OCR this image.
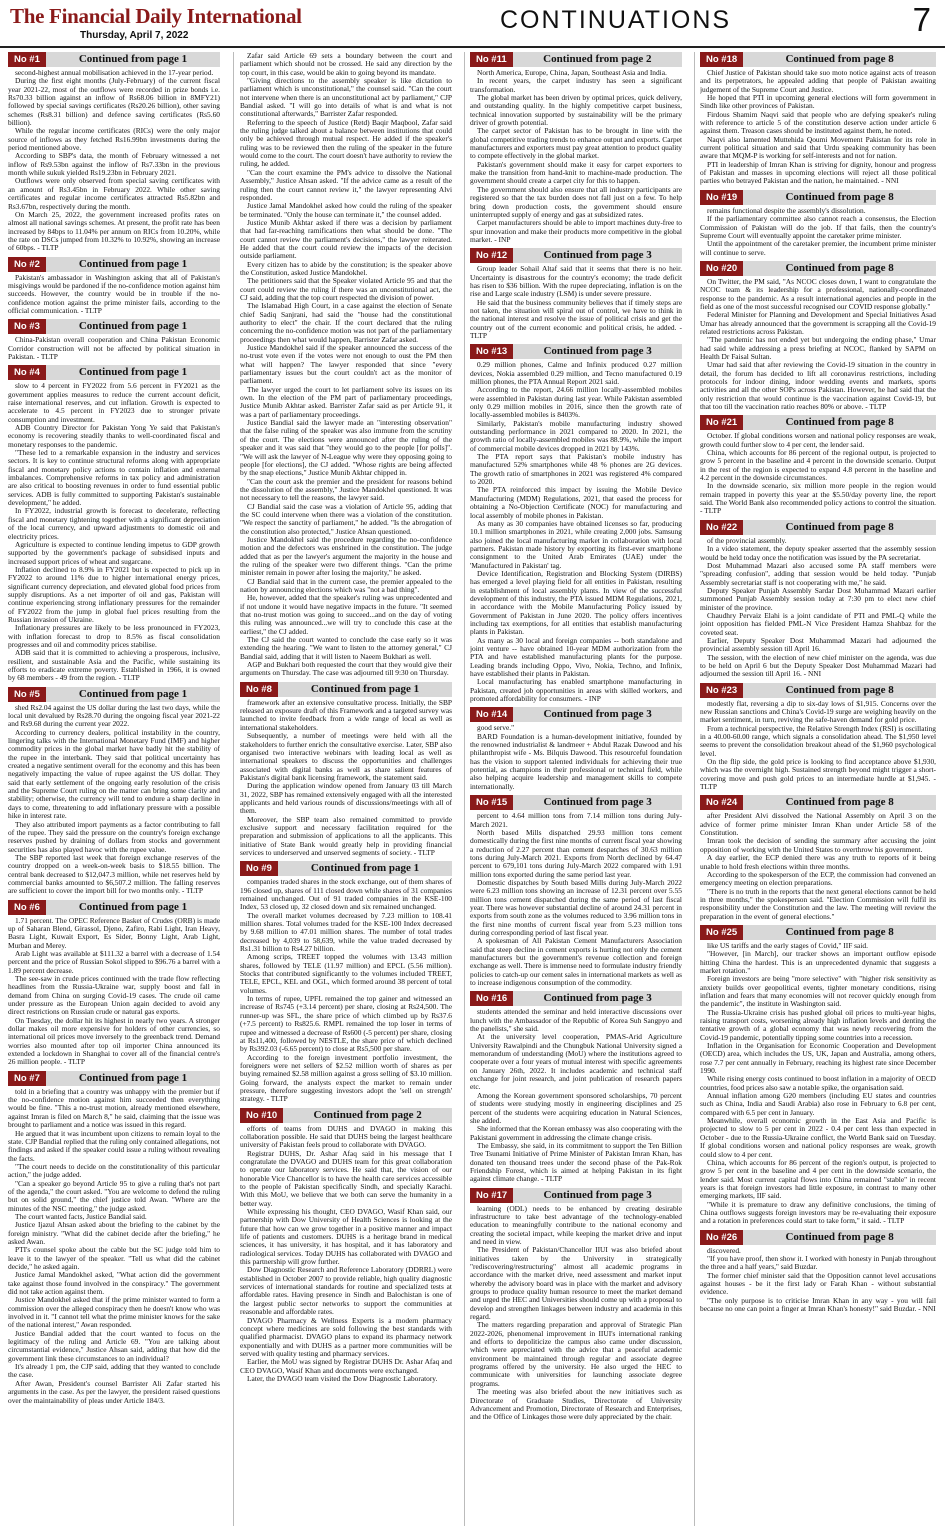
The Financial Daily International
Thursday, April 7, 2022
CONTINUATIONS	7
No #1	Continued from page 1

second-highest annual mobilisation achieved in the 17-year period.

During the first eight months (July-February) of the current fiscal year 2021-22, most of the outflows were recorded in prize bonds i.e. Rs70.33 billion against an inflow of Rs68.06 billion in 8MFY21) followed by special savings certificates (Rs20.26 billion), other saving schemes (Rs8.31 billion) and defence saving certificates (Rs5.60 billion).

While the regular income certificates (RICs) were the only major source of inflows as they fetched Rs16.99bn investments during the period mentioned above.

According to SBP's data, the month of February witnessed a net inflow of Rs9.53bn against the inflow of Rs7.33bn in the previous month while sukuk yielded Rs19.23bn in February 2021.

Outflows were only observed from special saving certificates with an amount of Rs3.45bn in February 2022. While other saving certificates and regular income certificates attracted Rs5.82bn and Rs3.67bn, respectively during the month.

On March 25, 2022, the government increased profits rates on almost all national savings schemes. At present, the profit rate has been increased by 84bps to 11.04% per annum on RICs from 10.20%, while the rate on DSCs jumped from 10.32% to 10.92%, showing an increase of 60bps. - TLTP

No #2	Continued from page 1

Pakistan's ambassador in Washington asking that all of Pakistan's misgivings would be pardoned if the no-confidence motion against him succeeds. However, the country would be in trouble if the no-confidence motion against the prime minister fails, according to the official communication. - TLTP

No #3	Continued from page 1

China-Pakistan overall cooperation and China Pakistan Economic Corridor construction will not be affected by political situation in Pakistan. - TLTP

No #4	Continued from page 1

slow to 4 percent in FY2022 from 5.6 percent in FY2021 as the government applies measures to reduce the current account deficit, raise international reserves, and cut inflation. Growth is expected to accelerate to 4.5 percent in FY2023 due to stronger private consumption and investment.

ADB Country Director for Pakistan Yong Ye said that Pakistan's economy is recovering steadily thanks to well-coordinated fiscal and monetary responses to the pandemic.

"These led to a remarkable expansion in the industry and services sectors. It is key to continue structural reforms along with appropriate fiscal and monetary policy actions to contain inflation and external imbalances. Comprehensive reforms in tax policy and administration are also critical to boosting revenues in order to fund essential public services. ADB is fully committed to supporting Pakistan's sustainable development," he added.

In FY2022, industrial growth is forecast to decelerate, reflecting fiscal and monetary tightening together with a significant depreciation of the local currency, and upward adjustments to domestic oil and electricity prices.

Agriculture is expected to continue lending impetus to GDP growth supported by the government's package of subsidised inputs and increased support prices of wheat and sugarcane.

Inflation declined to 8.9% in FY2021 but is expected to pick up in FY2022 to around 11% due to higher international energy prices, significant currency depreciation, and elevated global food prices from supply disruptions. As a net importer of oil and gas, Pakistan will continue experiencing strong inflationary pressures for the remainder of FY2022 from the jump in global fuel prices resulting from the Russian invasion of Ukraine.

Inflationary pressures are likely to be less pronounced in FY2023, with inflation forecast to drop to 8.5% as fiscal consolidation progresses and oil and commodity prices stabilise.

ADB said that it is committed to achieving a prosperous, inclusive, resilient, and sustainable Asia and the Pacific, while sustaining its efforts to eradicate extreme poverty. Established in 1966, it is owned by 68 members - 49 from the region. - TLTP

No #5	Continued from page 1

shed Rs2.04 against the US dollar during the last two days, while the local unit devalued by Rs28.70 during the ongoing fiscal year 2021-22 and Rs9.68 during the current year 2022.

According to currency dealers, political instability in the country, lingering talks with the International Monetary Fund (IMF) and higher commodity prices in the global market have badly hit the stability of the rupee in the interbank. They said that political uncertainty has created a negative sentiment overall for the economy and this has been negatively impacting the value of rupee against the US dollar. They said that early settlement of the ongoing early resolution of the crisis and the Supreme Court ruling on the matter can bring some clarity and stability; otherwise, the currency will tend to endure a sharp decline in days to come, threatening to add inflationary pressure with a possible hike in interest rate.

They also attributed import payments as a factor contributing to fall of the rupee. They said the pressure on the country's foreign exchange reserves pushed by draining of dollars from stocks and government securities has also played havoc with the rupee value.

The SBP reported last week that foreign exchange reserves of the country dropped on a week-on-week basis to $18.55 billion. The central bank decreased to $12,047.3 million, while net reserves held by commercial banks amounted to $6,507.2 million. The falling reserves are sufficient to cover the import bill for two months only. - TLTP

No #6	Continued from page 1

1.71 percent. The OPEC Reference Basket of Crudes (ORB) is made up of Saharan Blend, Girassol, Djeno, Zafiro, Rabi Light, Iran Heavy, Basra Light, Kuwait Export, Es Sider, Bonny Light, Arab Light, Murban and Merey.

Arab Light was available at $111.32 a barrel with a decrease of 1.54 percent and the price of Russian Sokol slipped to $96.76 a barrel with a 1.89 percent decrease.

The see-saw in crude prices continued with the trade flow reflecting headlines from the Russia-Ukraine war, supply boost and fall in demand from China on surging Covid-19 cases. The crude oil came under pressure as the European Union again decided to avoid any direct restrictions on Russian crude or natural gas exports.

On Tuesday, the dollar hit its highest in nearly two years. A stronger dollar makes oil more expensive for holders of other currencies, so international oil prices move inversely to the greenback trend. Demand worries also mounted after top oil importer China announced its extended a lockdown in Shanghai to cover all of the financial centre's 26 million people. - TLTP

No #7	Continued from page 1

told in a briefing that a country was unhappy with the premier but if the no-confidence motion against him succeeded then everything would be fine. "This a no-trust motion, already mentioned elsewhere, against Imran is filed on March 8," he said, claiming that the issue was brought to parliament and a notice was issued in this regard.

He argued that it was incumbent upon citizens to remain loyal to the state. CJP Bandial replied that the ruling only contained allegations, not findings and asked if the speaker could issue a ruling without revealing the facts.

"The court needs to decide on the constitutionality of this particular action," the judge added.

"Can a speaker go beyond Article 95 to give a ruling that's not part of the agenda," the court asked. "You are welcome to defend the ruling but on solid ground," the chief justice told Awan. "Where are the minutes of the NSC meeting," the judge asked.

The court wanted facts, Justice Bandial said.

Justice Ijazul Ahsan asked about the briefing to the cabinet by the foreign ministry. "What did the cabinet decide after the briefing," he asked Awan.

PTI's counsel spoke about the cable but the SC judge told him to leave it to the lawyer of the speaker. "Tell us what did the cabinet decide," he asked again.

Justice Jamal Mandokhel asked, "What action did the government take against those found involved in the conspiracy." The government did not take action against them.

Justice Mandokhel asked that if the prime minister wanted to form a commission over the alleged conspiracy then he doesn't know who was involved in it. "I cannot tell what the prime minister knows for the sake of the national interest," Awan responded.

Justice Bandial added that the court wanted to focus on the legitimacy of the ruling and Article 69. "You are talking about circumstantial evidence," Justice Ahsan said, adding that how did the government link these circumstances to an individual?

It's already 1 pm, the CJP said, adding that they wanted to conclude the case.

After Awan, President's counsel Barrister Ali Zafar started his arguments in the case. As per the lawyer, the president raised questions over the maintainability of pleas under Article 184/3.

Zafar said Article 69 sets a boundary between the court and parliament which should not be crossed. He said any direction by the top court, in this case, would be akin to going beyond its mandate.

"Giving directions to the assembly speaker is like dictation to parliament which is unconstitutional," the counsel said. "Can the court not intervene when there is an unconstitutional act by parliament," CJP Bandial asked. "I will go into details of what is and what is not constitutional afterwards," Barrister Zafar responded.

Referring to the speech of Justice (Retd) Baqir Maqbool, Zafar said the ruling judge talked about a balance between institutions that could only be achieved through mutual respect. He added if the speaker's ruling was to be reviewed then the ruling of the speaker in the future would come to the court. The court doesn't have authority to review the ruling, he added.

"Can the court examine the PM's advice to dissolve the National Assembly," Justice Ahsan asked. "If the advice came as a result of the ruling then the court cannot review it," the lawyer representing Alvi responded.

Justice Jamal Mandokhel asked how could the ruling of the speaker be terminated. "Only the house can terminate it," the counsel added.

Justice Munib Akhtar asked if there was a decision by parliament that had far-reaching ramifications then what should be done. "The court cannot review the parliament's decisions," the lawyer reiterated. He added that the court could review the impacts of the decision outside parliament.

Every citizen has to abide by the constitution; is the speaker above the Constitution, asked Justice Mandokhel.

The petitioners said that the Speaker violated Article 95 and that the court could review the ruling if there was an unconstitutional act, the CJ said, adding that the top court respected the division of power.

The Islamabad High Court, in a case against the election of Senate chief Sadiq Sanjrani, had said the "house had the constitutional authority to elect" the chair. If the court declared that the ruling concerning the no-confidence motion was not part of the parliamentary proceedings then what would happen, Barrister Zafar asked.

Justice Mandokhel said if the speaker announced the success of the no-trust vote even if the votes were not enough to oust the PM then what will happen? The lawyer responded that since "every parliamentary issues but the court couldn't act as the monitor of parliament.

The lawyer urged the court to let parliament solve its issues on its own. In the election of the PM part of parliamentary proceedings, Justice Munib Akhtar asked. Barrister Zafar said as per Article 91, it was a part of parliamentary proceedings.

Justice Bandial said the lawyer made an "interesting observation" that the false ruling of the speaker was also immune from the scrutiny of the court. The elections were announced after the ruling of the speaker and it was said that "they would go to the people [for polls]". "We will ask the lawyer of N-League why were they opposing going to people [for elections], the CJ added. "Whose rights are being affected by the snap elections," Justice Munib Akhtar chipped in.

"Can the court ask the premier and the president for reasons behind the dissolution of the assembly," Justice Mandokhel questioned. It was not necessary to tell the reasons, the lawyer said.

CJ Bandial said the case was a violation of Article 95, adding that the SC could intervene when there was a violation of the constitution. "We respect the sanctity of parliament," he added. "Is the abrogation of the constitution also protected," Justice Ahsan questioned.

Justice Mandokhel said the procedure regarding the no-confidence motion and the defectors was enshrined in the constitution. The judge added that as per the lawyer's argument the majority in the house and the ruling of the speaker were two different things. "Can the prime minister remain in power after losing the majority," he asked.

CJ Bandial said that in the current case, the premier appealed to the nation by announcing elections which was "not a bad thing".

He, however, added that the speaker's ruling was unprecedented and if not undone it would have negative impacts in the future. "It seemed that no-trust motion was going to succeed...and on the day of voting this ruling was announced...we will try to conclude this case at the earliest," the CJ added.

The CJ said the court wanted to conclude the case early so it was extending the hearing. "We want to listen to the attorney general," CJ Bandial said, adding that it will listen to Naeem Bukhari as well.

AGP and Bukhari both requested the court that they would give their arguments on Thursday. The case was adjourned till 9:30 on Thursday.

No #8	Continued from page 1

framework after an extensive consultative process. Initially, the SBP released an exposure draft of this Framework and a targeted survey was launched to invite feedback from a wide range of local as well as international stakeholders.

Subsequently, a number of meetings were held with all the stakeholders to further enrich the consultative exercise. Later, SBP also organised two interactive webinars with leading local as well as international speakers to discuss the opportunities and challenges associated with digital banks as well as share salient features of Pakistan's digital bank licensing framework, the statement said.

During the application window opened from January 03 till March 31, 2022, SBP has remained extensively engaged with all the interested applicants and held various rounds of discussions/meetings with all of them.

Moreover, the SBP team also remained committed to provide exclusive support and necessary facilitation required for the preparation and submission of applications to all the applicants. This initiative of State Bank would greatly help in providing financial services to underserved and unserved segments of society. - TLTP

No #9	Continued from page 1

companies traded shares in the stock exchange, out of them shares of 196 closed up, shares of 111 closed down while shares of 31 companies remained unchanged. Out of 91 traded companies in the KSE-100 Index, 53 closed up, 32 closed down and six remained unchanged.

The overall market volumes decreased by 7.23 million to 108.41 million shares. Total volumes traded for the KSE-100 Index decreased by 9.68 million to 47.01 million shares. The number of total trades decreased by 4,039 to 58,639, while the value traded decreased by Rs1.31 billion to Rs4.27 billion.

Among scrips, TREET topped the volumes with 13.43 million shares, followed by TELE (11.97 million) and EPCL (5.56 million). Stocks that contributed significantly to the volumes included TREET, TELE, EPCL, KEL and OGL, which formed around 38 percent of total volumes.

In terms of rupee, UPFL remained the top gainer and witnessed an increase of Rs745 (+3.14 percent) per share, closing at Rs24,500. The runner-up was SFL, the share price of which climbed up by Rs37.6 (+7.5 percent) to Rs825.6. RMPL remained the top loser in terms of rupee and witnessed a decrease of Rs600 (-5 percent) per share, closing at Rs11,400, followed by NESTLE, the share price of which declined by Rs392.03 (-6.65 percent) to close at Rs5,500 per share.

According to the foreign investment portfolio investment, the foreigners were net sellers of $2.52 million worth of shares as per buying remained $2.58 million against a gross selling of $3.10 million. Going forward, the analysts expect the market to remain under pressure, therefore suggesting investors adopt the 'sell on strength' strategy. - TLTP

No #10	Continued from page 2

efforts of teams from DUHS and DVAGO in making this collaboration possible. He said that DUHS being the largest healthcare university of Pakistan feels proud to collaborate with DVAGO.

Registrar DUHS, Dr. Ashar Afaq said in his message that I congratulate the DVAGO and DUHS team for this great collaboration to operate our laboratory services. He said that, the vision of our honorable Vice Chancellor is to have the health care services accessible to the people of Pakistan specifically Sindh, and specially Karachi. With this MoU, we believe that we both can serve the humanity in a better way.

While expressing his thought, CEO DVAGO, Wasif Khan said, our partnership with Dow University of Health Sciences is looking at the future that how can we grow together in a positive manner and impact life of patients and customers. DUHS is a heritage brand in medical sciences, it has university, it has hospital, and it has laboratory and radiological services. Today DUHS has collaborated with DVAGO and this partnership will grow further.

Dow Diagnostic Research and Reference Laboratory (DDRRL) were established in October 2007 to provide reliable, high quality diagnostic services of international standards for routine and specialized tests at affordable rates. Having presence in Sindh and Balochistan is one of the largest public sector networks to support the communities at reasonable and affordable rates.

DVAGO Pharmacy & Wellness Experts is a modern pharmacy concept where medicines are sold following the best standards with qualified pharmacist. DVAGO plans to expand its pharmacy network exponentially and with DUHS as a partner more communities will be served with quality testing and pharmacy services.

Earlier, the MoU was signed by Registrar DUHS Dr. Ashar Afaq and CEO DVAGO, Wasif Khan and documents were exchanged.

Later, the DVAGO team visited the Dow Diagnostic Laboratory.

No #11	Continued from page 2

North America, Europe, China, Japan, Southeast Asia and India.

In recent years, the carpet industry has seen a significant transformation.

The global market has been driven by optimal prices, quick delivery, and outstanding quality. In the highly competitive carpet business, technical innovation supported by sustainability will be the primary driver of growth potential.

The carpet sector of Pakistan has to be brought in line with the global competitive trading trends to enhance output and exports. Carpet manufacturers and exporters must pay great attention to product quality to compete effectively in the global market.

Pakistan's government should make it easy for carpet exporters to make the transition from hand-knit to machine-made production. The government should create a carpet city for this to happen.

The government should also ensure that all industry participants are registered so that the tax burden does not fall just on a few. To help bring down production costs, the government should ensure uninterrupted supply of energy and gas at subsidized rates.

Carpet manufacturers should be able to import machines duty-free to spur innovation and make their products more competitive in the global market. - INP

No #12	Continued from page 3

Group leader Sohail Altaf said that it seems that there is no heir. Uncertainty is disastrous for the country's economy; the trade deficit has risen to $36 billion. With the rupee depreciating, inflation is on the rise and Large scale industry (LSM) is under severe pressure.

He said that the business community believes that if timely steps are not taken, the situation will spiral out of control, we have to think in the national interest and resolve the issue of political crisis and get the country out of the current economic and political crisis, he added. - TLTP

No #13	Continued from page 3

0.29 million phones, Calme and Infinix produced 0.27 million devices, Nokia assembled 0.29 million, and Tecno manufactured 0.19 million phones, the PTA Annual Report 2021 said.

According to the report, 24.66 million locally-assembled mobiles were assembled in Pakistan during last year. While Pakistan assembled only 0.29 million mobiles in 2016, since then the growth rate of locally-assembled mobiles is 8403%.

Similarly, Pakistan's mobile manufacturing industry showed outstanding performance in 2021 compared to 2020. In 2021, the growth ratio of locally-assembled mobiles was 88.9%, while the import of commercial mobile devices dropped in 2021 by 143%.

The PTA report says that Pakistan's mobile industry has manufactured 52% smartphones while 48 % phones are 2G devices. The growth ratio of smartphones in 2021 was registered 4% compared to 2020.

The PTA reinforced this impact by issuing the Mobile Device Manufacturing (MDM) Regulations, 2021, that eased the process for obtaining a No-Objection Certificate (NOC) for manufacturing and local assembly of mobile phones in Pakistan.

As many as 30 companies have obtained licenses so far, producing 10.1 million smartphones in 2021, while creating 2,000 jobs. Samsung also joined the local manufacturing market in collaboration with local partners. Pakistan made history by exporting its first-ever smartphone consignment to the United Arab Emirates (UAE) under the 'Manufactured in Pakistan' tag.

Device Identification, Registration and Blocking System (DIRBS) has emerged a level playing field for all entities in Pakistan, resulting in establishment of local assembly plants. In view of the successful development of this industry, the PTA issued MDM Regulations, 2021, in accordance with the Mobile Manufacturing Policy issued by Government of Pakistan in June 2020. The policy offers incentives including tax exemptions, for all entities that establish manufacturing plants in Pakistan.

As many as 30 local and foreign companies -- both standalone and joint venture -- have obtained 10-year MDM authorization from the PTA and have established manufacturing plants for the purpose. Leading brands including Oppo, Vivo, Nokia, Techno, and Infinix, have established their plants in Pakistan.

Local manufacturing has enabled smartphone manufacturing in Pakistan, created job opportunities in areas with skilled workers, and promoted affordability for consumers. - INP

No #14	Continued from page 3

good serve."

BARD Foundation is a human-development initiative, founded by the renowned industrialist & landmeer + Abdul Razak Dawood and his philanthropist wife - Ms. Bilquis Dawood. This resourceful foundation has the vision to support talented individuals for achieving their true potential, as champions in their professional or technical field, while also helping acquire leadership and management skills to compete internationally.

No #15	Continued from page 3

percent to 4.64 million tons from 7.14 million tons during July-March 2021.

North based Mills dispatched 29.93 million tons cement domestically during the first nine months of current fiscal year showing a reduction of 2.27 percent than cement despatches of 30.63 million tons during July-March 2021. Exports from North declined by 64.47 percent to 679,101 tons during July-March 2022 compared with 1.91 million tons exported during the same period last year.

Domestic dispatches by South based Mills during July-March 2022 were 6.23 million tons showing an increase of 12.31 percent over 5.55 million tons cement dispatched during the same period of last fiscal year. There was however substantial decline of around 24.31 percent in exports from south zone as the volumes reduced to 3.96 million tons in the first nine months of current fiscal year from 5.23 million tons during corresponding period of last fiscal year.

A spokesman of All Pakistan Cement Manufacturers Association said that steep decline in cement exports is hurting not only the cement manufacturers but the government's revenue collection and foreign exchange as well. There is immense need to formulate industry friendly policies to catch-up our cement sales in international markets as well as to increase indigenous consumption of the commodity.

No #16	Continued from page 3

students attended the seminar and held interactive discussions over lunch with the Ambassador of the Republic of Korea Suh Sangpyo and the panelists," she said.

At the university level cooperation, PMAS-Arid Agriculture University Rawalpindi and the Chungbuk National University signed a memorandum of understanding (MoU) where the institutions agreed to cooperate over a four years of mutual interest with specific agreements on January 26th, 2022. It includes academic and technical staff exchange for joint research, and joint publication of research papers etc.

Among the Korean government sponsored scholarships, 70 percent of students were studying mostly in engineering disciplines and 25 percent of the students were acquiring education in Natural Sciences, she added.

She informed that the Korean embassy was also cooperating with the Pakistani government in addressing the climate change crisis.

The Embassy, she said, in its commitment to support the Ten Billion Tree Tsunami Initiative of Prime Minister of Pakistan Imran Khan, has donated ten thousand trees under the second phase of the Pak-Rok Friendship Forest, which is aimed at helping Pakistan in its fight against climate change. - TLTP

No #17	Continued from page 3

learning (ODL) needs to be enhanced by creating desirable infrastructure to take best advantage of the technology-enabled education to meaningfully contribute to the national economy and creating the societal impact, while keeping the market drive and input and need in view.

The President of Pakistan/Chancellor IIUI was also briefed about initiatives taken by the University in strategically "rediscovering/restructuring" almost all academic programs in accordance with the market drive, need assessment and market input whereby the advisory board was in place with the market and advisory groups to produce quality human resource to meet the market demand and urged the HEC and Universities should come up with a proposal to develop and strengthen linkages between industry and academia in this regard.

The matters regarding preparation and approval of Strategic Plan 2022-2026, phenomenal improvement in IIUI's international ranking and efforts to depoliticize the campus also came under discussion, which were appreciated with the advice that a peaceful academic environment be maintained through regular and associate degree programs offered by the university. He also urged the HEC to communicate with universities for launching associate degree programs.

The meeting was also briefed about the new initiatives such as Directorate of Graduate Studies, Directorate of University Advancement and Promotion, Directorate of Research and Enterprises, and the Office of Linkages those were duly appreciated by the chair.

No #18	Continued from page 8

Chief Justice of Pakistan should take suo moto notice against acts of treason and its perpetrators, he appealed adding that people of Pakistan awaiting judgement of the Supreme Court and Justice.

He hoped that PTI in upcoming general elections will form government in Sindh like other provinces of Pakistan.

Firdous Shamim Naqvi said that people who are defying speaker's ruling with reference to article 5 of the constitution deserve action under article 6 against them. Treason cases should be instituted against them, he noted.

Naqvi also lamented Muttehida Qoumi Movement Pakistan for its role in current political situation and said that Urdu speaking community has been aware that MQM-P is working for self-interests and not for nation.

PTI in leadership of Imran Khan is striving for dignity, honour and progress of Pakistan and masses in upcoming elections will reject all those political parties who betrayed Pakistan and the nation, he maintained. - NNI

No #19	Continued from page 8

remains functional despite the assembly's dissolution.

If the parliamentary committee also cannot reach a consensus, the Election Commission of Pakistan will do the job. If that fails, then the country's Supreme Court will eventually appoint the caretaker prime minister.

Until the appointment of the caretaker premier, the incumbent prime minister will continue to serve.

No #20	Continued from page 8

On Twitter, the PM said, "As NCOC closes down, I want to congratulate the NCOC team & its leadership for a professional, nationally-coordinated response to the pandemic. As a result international agencies and people in the field as one of the most successful recognised our COVID response globally."

Federal Minister for Planning and Development and Special Initiatives Asad Umar has already announced that the government is scrapping all the Covid-19 related restrictions across Pakistan.

"The pandemic has not ended yet but undergoing the ending phase," Umar had said while addressing a press briefing at NCOC, flanked by SAPM on Health Dr Faisal Sultan.

Umar had said that after reviewing the Covid-19 situation in the country in detail, the forum has decided to lift all coronavirus restrictions, including protocols for indoor dining, indoor wedding events and markets, sports activities and all the other SOPs across Pakistan. However, he had said that the only restriction that would continue is the vaccination against Covid-19, but that too till the vaccination ratio reaches 80% or above. - TLTP

No #21	Continued from page 8

October. If global conditions worsen and national policy responses are weak, growth could further slow to 4 per cent, the lender said.

China, which accounts for 86 percent of the regional output, is projected to grow 5 percent in the baseline and 4 percent in the downside scenario. Output in the rest of the region is expected to expand 4.8 percent in the baseline and 4.2 percent in the downside circumstances.

In the downside scenario, six million more people in the region would remain trapped in poverty this year at the $5.50/day poverty line, the report said. The World Bank also recommended policy actions to control the situation. - TLTP

No #22	Continued from page 8

of the provincial assembly.

In a video statement, the deputy speaker asserted that the assembly session would be held today once the notification was issued by the PA secretariat.

Dost Muhammad Mazari also accused some PA staff members were "spreading confusion", adding that session would be held today. "Punjab Assembly secretariat staff is not cooperating with me," he said.

Deputy Speaker Punjab Assembly Sardar Dost Muhammad Mazari earlier summoned Punjab Assembly session today at 7:30 pm to elect new chief minister of the province.

Chaudhry Pervaiz Elahi is a joint candidate of PTI and PML-Q while the joint opposition has fielded PML-N Vice President Hamza Shahbaz for the coveted seat.

Earlier, Deputy Speaker Dost Muhammad Mazari had adjourned the provincial assembly session till April 16.

The session, with the election of new chief minister on the agenda, was due to be held on April 6 but the Deputy Speaker Dost Muhammad Mazari had adjourned the session till April 16. - NNI

No #23	Continued from page 8

modestly flat, reversing a dip to six-day lows of $1,915. Concerns over the new Russian sanctions and China's Covid-19 surge are weighing heavily on the market sentiment, in turn, reviving the safe-haven demand for gold price.

From a technical perspective, the Relative Strength Index (RSI) is oscillating in a 40.00-60.00 range, which signals a consolidation ahead. The $1,950 level seems to prevent the consolidation breakout ahead of the $1,960 psychological level.

On the flip side, the gold price is looking to find acceptance above $1,930, which was the overnight high. Sustained strength beyond might trigger a short-covering move and push gold prices to an intermediate hurdle at $1,945. - TLTP

No #24	Continued from page 8

after President Alvi dissolved the National Assembly on April 3 on the advice of former prime minister Imran Khan under Article 58 of the Constitution.

Imran took the decision of sending the summary after accusing the joint opposition of working with the United States to overthrow his government.

A day earlier, the ECP denied there was any truth to reports of it being unable to hold fresh elections within three months.

According to the spokesperson of the ECP, the commission had convened an emergency meeting on election preparations.

"There is no truth in the reports that the next general elections cannot be held in three months," the spokesperson said. "Election Commission will fulfil its responsibility under the Constitution and the law. The meeting will review the preparation in the event of general elections."

No #25	Continued from page 8

like US tariffs and the early stages of Covid," IIF said.

"However, [in March], our tracker shows an important outflow episode hitting China the hardest. This is an unprecedented dynamic that suggests a market rotation."

Foreign investors are being "more selective" with "higher risk sensitivity as anxiety builds over geopolitical events, tighter monetary conditions, rising inflation and fears that many economies will not recover quickly enough from the pandemic", the institute in Washington said.

The Russia-Ukraine crisis has pushed global oil prices to multi-year highs, raising transport costs, worsening already high inflation levels and denting the tentative growth of a global economy that was newly recovering from the Covid-19 pandemic, potentially tipping some countries into a recession.

Inflation in the Organisation for Economic Cooperation and Development (OECD) area, which includes the US, UK, Japan and Australia, among others, rose 7.7 per cent annually in February, reaching its highest rate since December 1990.

While rising energy costs continued to boost inflation in a majority of OECD countries, food prices also saw a notable spike, the organisation said.

Annual inflation among G20 members (including EU states and countries such as China, India and Saudi Arabia) also rose in February to 6.8 per cent, compared with 6.5 per cent in January.

Meanwhile, overall economic growth in the East Asia and Pacific is projected to slow to 5 per cent in 2022 - 0.4 per cent less than expected in October - due to the Russia-Ukraine conflict, the World Bank said on Tuesday. If global conditions worsen and national policy responses are weak, growth could slow to 4 per cent.

China, which accounts for 86 percent of the region's output, is projected to grow 5 per cent in the baseline and 4 per cent in the downside scenario, the lender said. Most current capital flows into China remained "stable" in recent years is that foreign investors had little exposure, in contrast to many other emerging markets, IIF said.

"While it is premature to draw any definitive conclusions, the timing of China outflows suggests foreign investors may be re-evaluating their exposure and a rotation in preferences could start to take form," it said. - TLTP

No #26	Continued from page 8

discovered.

"If you have proof, then show it. I worked with honesty in Punjab throughout the three and a half years," said Buzdar.

The former chief minister said that the Opposition cannot level accusations against houses - be it the first lady or Farah Khan - without substantial evidence.

"The only purpose is to criticise Imran Khan in any way - you will fail because no one can point a finger at Imran Khan's honesty!" said Buzdar. - NNI
